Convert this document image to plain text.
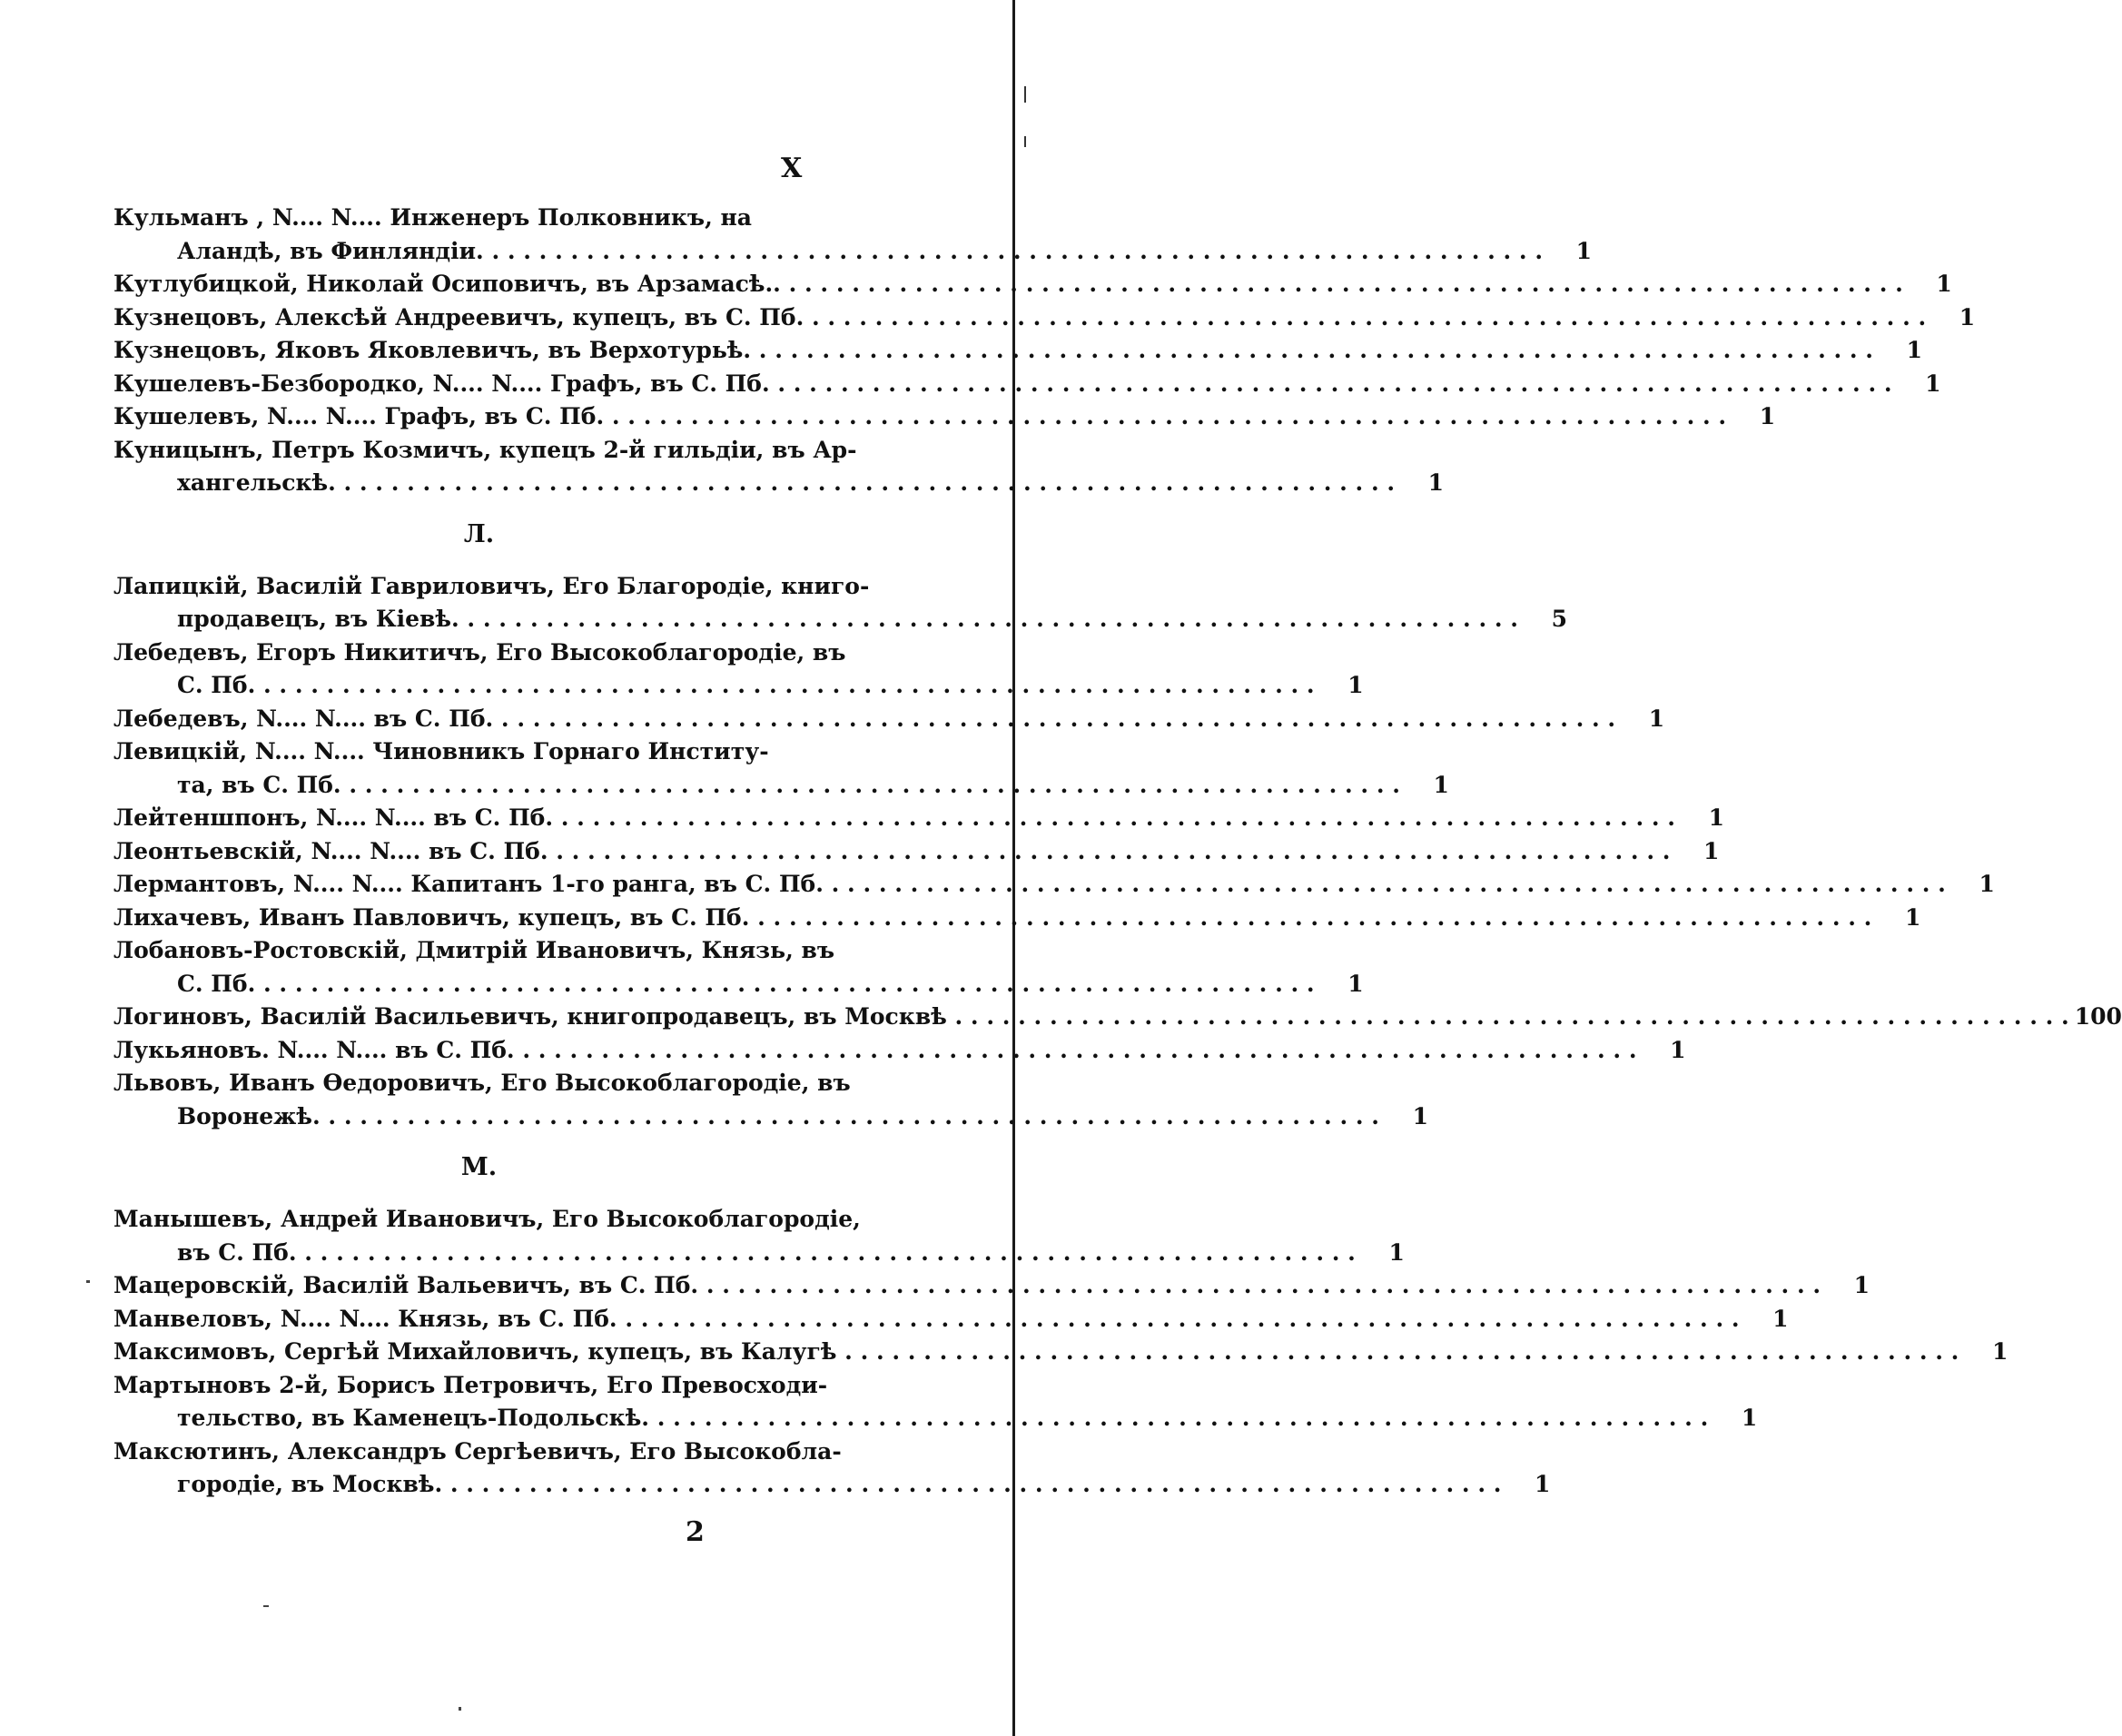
X
Кульманъ , N.... N.... Инженеръ Полковникъ, на
Аландѣ, въ Финляндіи. . . .	1
Кутлубицкой, Николай Осиповичъ, въ Арзамасѣ.. . . .	1
Кузнецовъ, Алексѣй Андреевичъ, купецъ, въ С. Пб. . . .	1
Кузнецовъ, Яковъ Яковлевичъ, въ Верхотурьѣ. . . .	1
Кушелевъ-Безбородко, N.... N.... Графъ, въ С. Пб. . . .	1
Кушелевъ, N.... N.... Графъ, въ С. Пб. . . .	1
Куницынъ, Петръ Козмичъ, купецъ 2-й гильдіи, въ Ар-
хангельскѣ. . . .	1
Л.
Лапицкій, Василій Гавриловичъ, Его Благородіе, книго-
продавецъ, въ Кіевѣ. . . .	5
Лебедевъ, Егоръ Никитичъ, Его Высокоблагородіе, въ
С. Пб. . . .	1
Лебедевъ, N.... N.... въ С. Пб. . . .	1
Левицкій, N.... N.... Чиновникъ Горнаго Институ-
та, въ С. Пб. . . .	1
Лейтеншпонъ, N.... N.... въ С. Пб. . . .	1
Леонтьевскій, N.... N.... въ С. Пб. . . .	1
Лермантовъ, N.... N.... Капитанъ 1-го ранга, въ С. Пб. . . .	1
Лихачевъ, Иванъ Павловичъ, купецъ, въ С. Пб. . . .	1
Лобановъ-Ростовскій, Дмитрій Ивановичъ, Князь, въ
С. Пб. . . .	1
Логиновъ, Василій Васильевичъ, книгопродавецъ, въ Москвѣ . . .	100
Лукьяновъ. N.... N.... въ С. Пб. . . .	1
Львовъ, Иванъ Ѳедоровичъ, Его Высокоблагородіе, въ
Воронежѣ. . . .	1
М.
Манышевъ, Андрей Ивановичъ, Его Высокоблагородіе,
въ С. Пб. . . .	1
Мацеровскій, Василій Вальевичъ, въ С. Пб. . . .	1
Манвеловъ, N.... N.... Князь, въ С. Пб. . . .	1
Максимовъ, Сергѣй Михайловичъ, купецъ, въ Калугѣ . . .	1
Мартыновъ 2-й, Борисъ Петровичъ, Его Превосходи-
тельство, въ Каменецъ-Подольскѣ. . . .	1
Максютинъ, Александръ Сергѣевичъ, Его Высокобла-
городіе, въ Москвѣ. . . .	1
2
